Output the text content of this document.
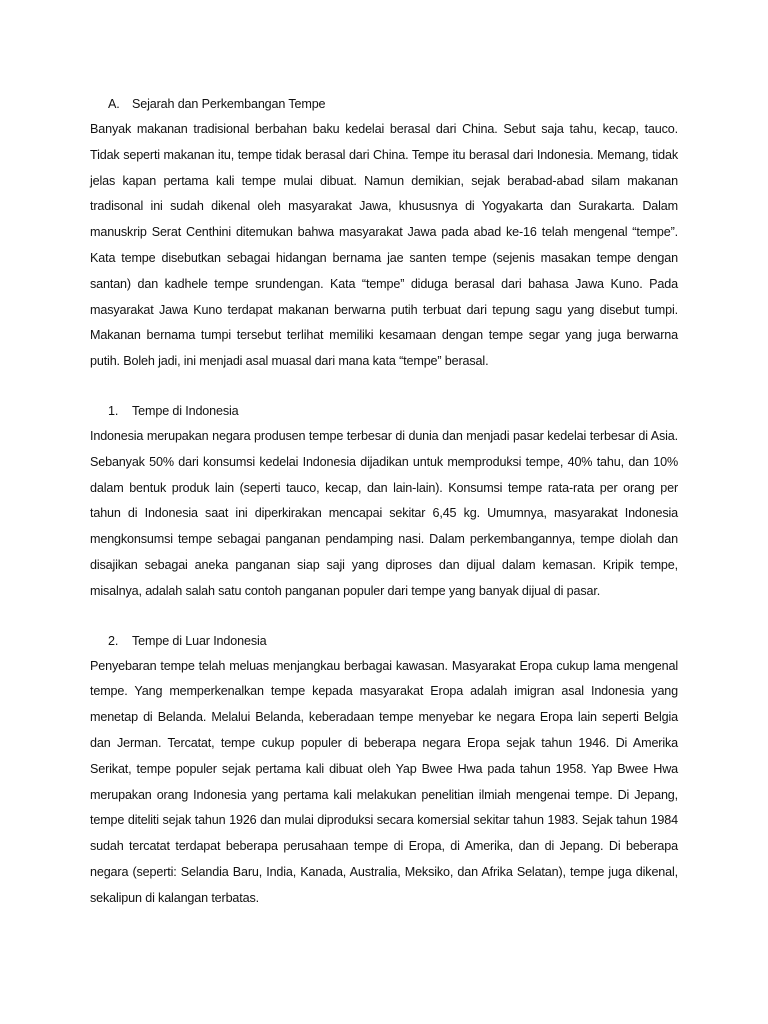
A. Sejarah dan Perkembangan Tempe

Banyak makanan tradisional berbahan baku kedelai berasal dari China. Sebut saja tahu, kecap, tauco. Tidak seperti makanan itu, tempe tidak berasal dari China. Tempe itu berasal dari Indonesia. Memang, tidak jelas kapan pertama kali tempe mulai dibuat. Namun demikian, sejak berabad-abad silam makanan tradisonal ini sudah dikenal oleh masyarakat Jawa, khususnya di Yogyakarta dan Surakarta. Dalam manuskrip Serat Centhini ditemukan bahwa masyarakat Jawa pada abad ke-16 telah mengenal “tempe”. Kata tempe disebutkan sebagai hidangan bernama jae santen tempe (sejenis masakan tempe dengan santan) dan kadhele tempe srundengan. Kata “tempe” diduga berasal dari bahasa Jawa Kuno. Pada masyarakat Jawa Kuno terdapat makanan berwarna putih terbuat dari tepung sagu yang disebut tumpi. Makanan bernama tumpi tersebut terlihat memiliki kesamaan dengan tempe segar yang juga berwarna putih. Boleh jadi, ini menjadi asal muasal dari mana kata “tempe” berasal.

1. Tempe di Indonesia

Indonesia merupakan negara produsen tempe terbesar di dunia dan menjadi pasar kedelai terbesar di Asia. Sebanyak 50% dari konsumsi kedelai Indonesia dijadikan untuk memproduksi tempe, 40% tahu, dan 10% dalam bentuk produk lain (seperti tauco, kecap, dan lain-lain). Konsumsi tempe rata-rata per orang per tahun di Indonesia saat ini diperkirakan mencapai sekitar 6,45 kg. Umumnya, masyarakat Indonesia mengkonsumsi tempe sebagai panganan pendamping nasi. Dalam perkembangannya, tempe diolah dan disajikan sebagai aneka panganan siap saji yang diproses dan dijual dalam kemasan. Kripik tempe, misalnya, adalah salah satu contoh panganan populer dari tempe yang banyak dijual di pasar.

2. Tempe di Luar Indonesia

Penyebaran tempe telah meluas menjangkau berbagai kawasan. Masyarakat Eropa cukup lama mengenal tempe. Yang memperkenalkan tempe kepada masyarakat Eropa adalah imigran asal Indonesia yang menetap di Belanda. Melalui Belanda, keberadaan tempe menyebar ke negara Eropa lain seperti Belgia dan Jerman. Tercatat, tempe cukup populer di beberapa negara Eropa sejak tahun 1946. Di Amerika Serikat, tempe populer sejak pertama kali dibuat oleh Yap Bwee Hwa pada tahun 1958. Yap Bwee Hwa merupakan orang Indonesia yang pertama kali melakukan penelitian ilmiah mengenai tempe. Di Jepang, tempe diteliti sejak tahun 1926 dan mulai diproduksi secara komersial sekitar tahun 1983. Sejak tahun 1984 sudah tercatat terdapat beberapa perusahaan tempe di Eropa, di Amerika, dan di Jepang. Di beberapa negara (seperti: Selandia Baru, India, Kanada, Australia, Meksiko, dan Afrika Selatan), tempe juga dikenal, sekalipun di kalangan terbatas.
